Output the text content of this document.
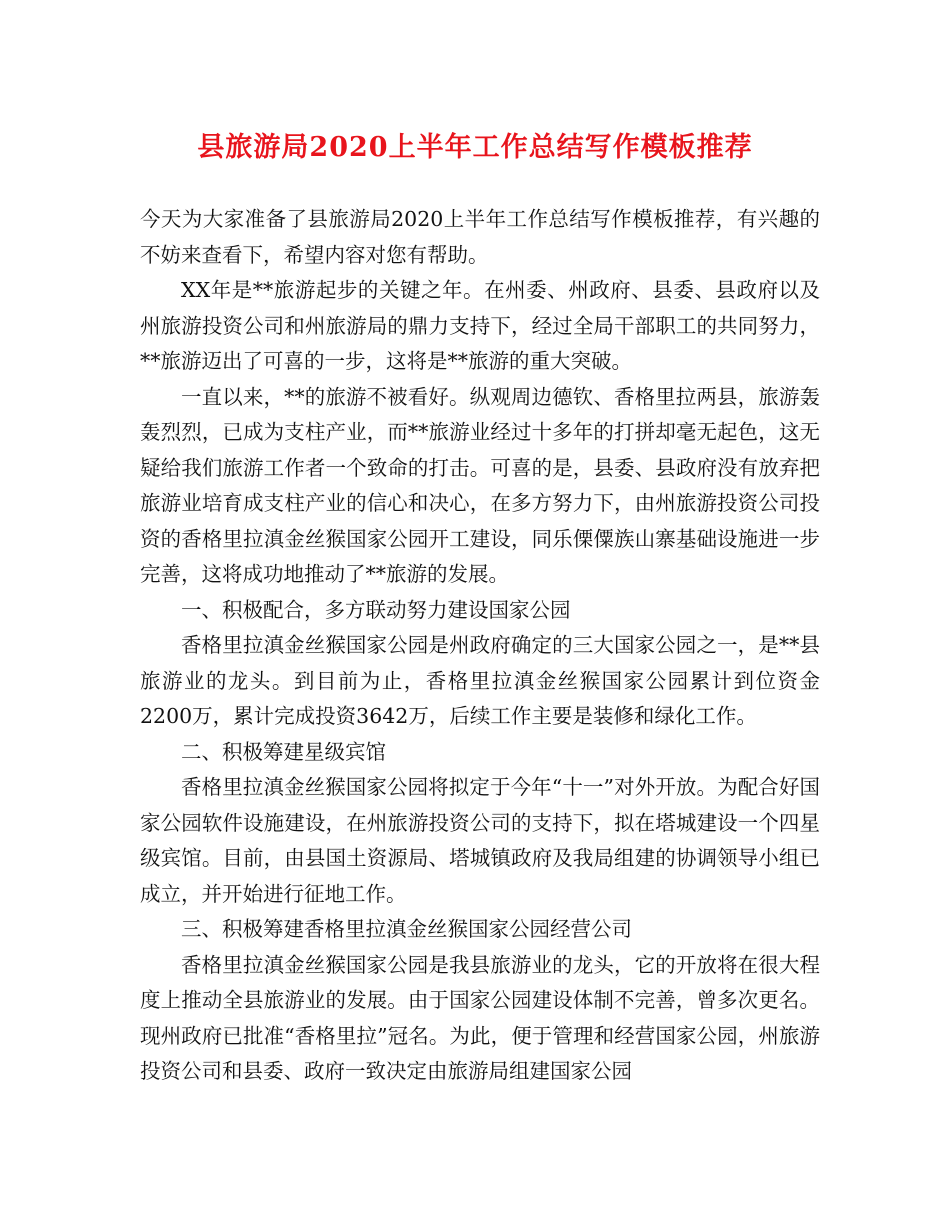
县旅游局2020上半年工作总结写作模板推荐

今天为大家准备了县旅游局2020上半年工作总结写作模板推荐，有兴趣的不妨来查看下，希望内容对您有帮助。

XX年是**旅游起步的关键之年。在州委、州政府、县委、县政府以及州旅游投资公司和州旅游局的鼎力支持下，经过全局干部职工的共同努力，**旅游迈出了可喜的一步，这将是**旅游的重大突破。

一直以来，**的旅游不被看好。纵观周边德钦、香格里拉两县，旅游轰轰烈烈，已成为支柱产业，而**旅游业经过十多年的打拼却毫无起色，这无疑给我们旅游工作者一个致命的打击。可喜的是，县委、县政府没有放弃把旅游业培育成支柱产业的信心和决心，在多方努力下，由州旅游投资公司投资的香格里拉滇金丝猴国家公园开工建设，同乐傈僳族山寨基础设施进一步完善，这将成功地推动了**旅游的发展。

一、积极配合，多方联动努力建设国家公园

香格里拉滇金丝猴国家公园是州政府确定的三大国家公园之一，是**县旅游业的龙头。到目前为止，香格里拉滇金丝猴国家公园累计到位资金2200万，累计完成投资3642万，后续工作主要是装修和绿化工作。

二、积极筹建星级宾馆

香格里拉滇金丝猴国家公园将拟定于今年“十一”对外开放。为配合好国家公园软件设施建设，在州旅游投资公司的支持下，拟在塔城建设一个四星级宾馆。目前，由县国土资源局、塔城镇政府及我局组建的协调领导小组已成立，并开始进行征地工作。

三、积极筹建香格里拉滇金丝猴国家公园经营公司

香格里拉滇金丝猴国家公园是我县旅游业的龙头，它的开放将在很大程度上推动全县旅游业的发展。由于国家公园建设体制不完善，曾多次更名。现州政府已批准“香格里拉”冠名。为此，便于管理和经营国家公园，州旅游投资公司和县委、政府一致决定由旅游局组建国家公园
